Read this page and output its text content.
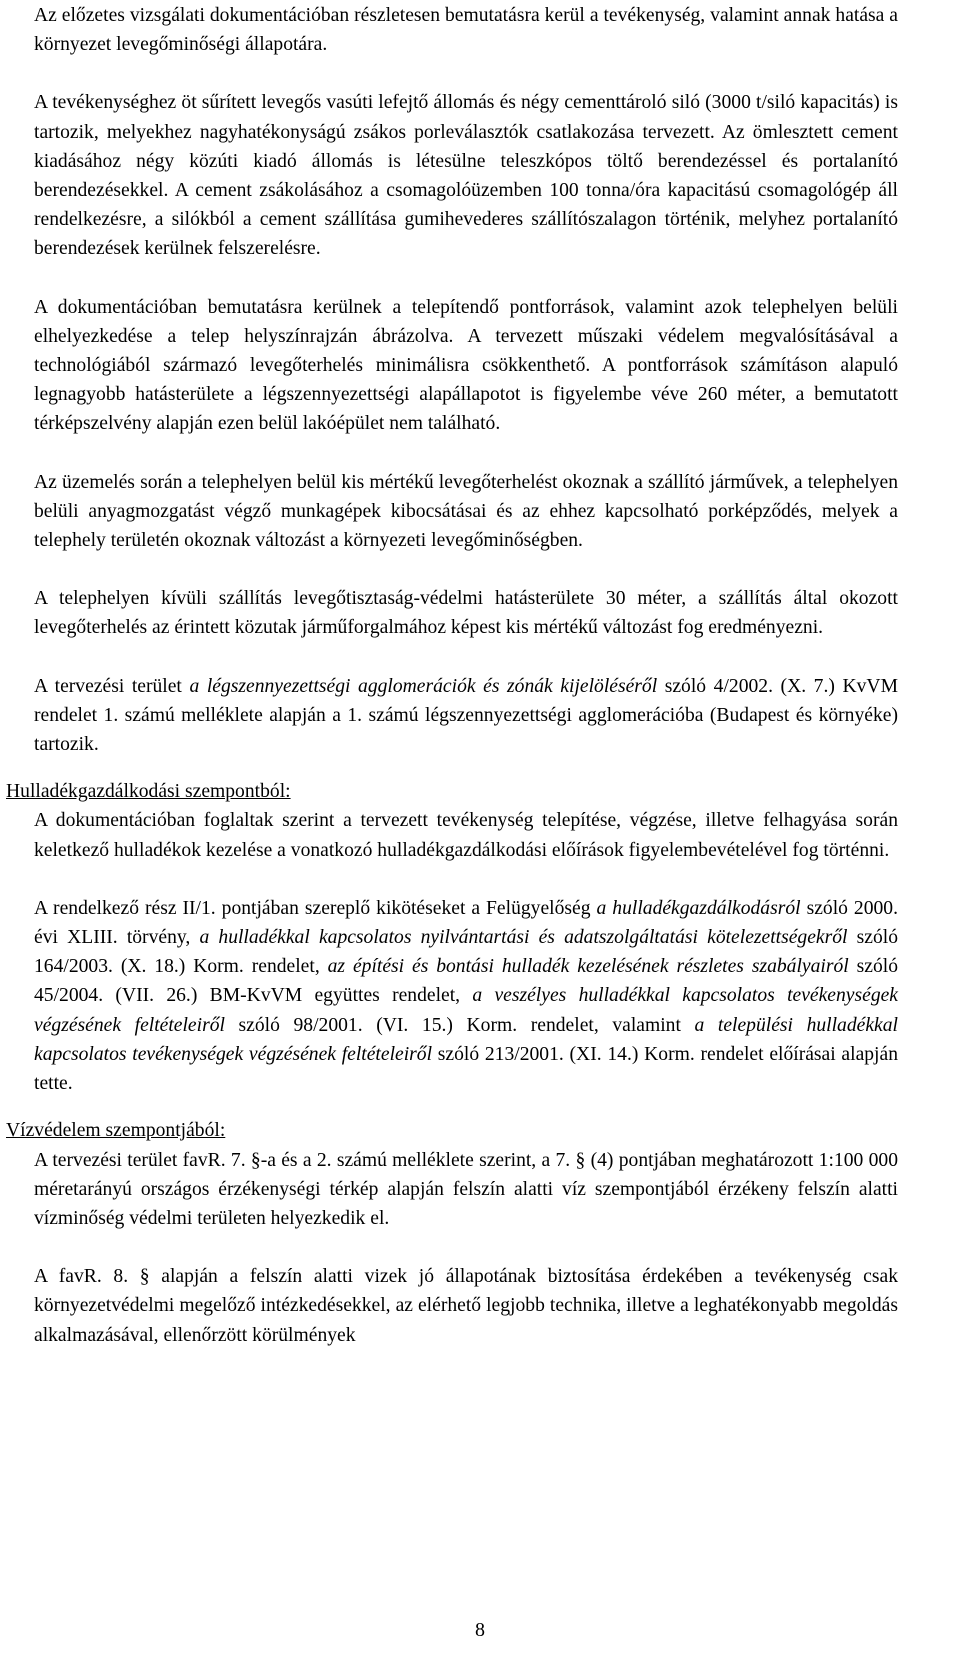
Az előzetes vizsgálati dokumentációban részletesen bemutatásra kerül a tevékenység, valamint annak hatása a környezet levegőminőségi állapotára.

A tevékenységhez öt sűrített levegős vasúti lefejtő állomás és négy cementtároló siló (3000 t/siló kapacitás) is tartozik, melyekhez nagyhatékonyságú zsákos porleválasztók csatlakozása tervezett. Az ömlesztett cement kiadásához négy közúti kiadó állomás is létesülne teleszkópos töltő berendezéssel és portalanító berendezésekkel. A cement zsákolásához a csomagolóüzemben 100 tonna/óra kapacitású csomagológép áll rendelkezésre, a silókból a cement szállítása gumihevederes szállítószalagon történik, melyhez portalanító berendezések kerülnek felszerelésre.

A dokumentációban bemutatásra kerülnek a telepítendő pontforrások, valamint azok telephelyen belüli elhelyezkedése a telep helyszínrajzán ábrázolva. A tervezett műszaki védelem megvalósításával a technológiából származó levegőterhelés minimálisra csökkenthető. A pontforrások számításon alapuló legnagyobb hatásterülete a légszennyezettségi alapállapotot is figyelembe véve 260 méter, a bemutatott térképszelvény alapján ezen belül lakóépület nem található.

Az üzemelés során a telephelyen belül kis mértékű levegőterhelést okoznak a szállító járművek, a telephelyen belüli anyagmozgatást végző munkagépek kibocsátásai és az ehhez kapcsolható porképződés, melyek a telephely területén okoznak változást a környezeti levegőminőségben.

A telephelyen kívüli szállítás levegőtisztaság-védelmi hatásterülete 30 méter, a szállítás által okozott levegőterhelés az érintett közutak járműforgalmához képest kis mértékű változást fog eredményezni.

A tervezési terület a légszennyezettségi agglomerációk és zónák kijelöléséről szóló 4/2002. (X. 7.) KvVM rendelet 1. számú melléklete alapján a 1. számú légszennyezettségi agglomerációba (Budapest és környéke) tartozik.

Hulladékgazdálkodási szempontból:

A dokumentációban foglaltak szerint a tervezett tevékenység telepítése, végzése, illetve felhagyása során keletkező hulladékok kezelése a vonatkozó hulladékgazdálkodási előírások figyelembevételével fog történni.

A rendelkező rész II/1. pontjában szereplő kikötéseket a Felügyelőség a hulladékgazdálkodásról szóló 2000. évi XLIII. törvény, a hulladékkal kapcsolatos nyilvántartási és adatszolgáltatási kötelezettségekről szóló 164/2003. (X. 18.) Korm. rendelet, az építési és bontási hulladék kezelésének részletes szabályairól szóló 45/2004. (VII. 26.) BM-KvVM együttes rendelet, a veszélyes hulladékkal kapcsolatos tevékenységek végzésének feltételeiről szóló 98/2001. (VI. 15.) Korm. rendelet, valamint a települési hulladékkal kapcsolatos tevékenységek végzésének feltételeiről szóló 213/2001. (XI. 14.) Korm. rendelet előírásai alapján tette.

Vízvédelem szempontjából:

A tervezési terület favR. 7. §-a és a 2. számú melléklete szerint, a 7. § (4) pontjában meghatározott 1:100 000 méretarányú országos érzékenységi térkép alapján felszín alatti víz szempontjából érzékeny felszín alatti vízminőség védelmi területen helyezkedik el.

A favR. 8. § alapján a felszín alatti vizek jó állapotának biztosítása érdekében a tevékenység csak környezetvédelmi megelőző intézkedésekkel, az elérhető legjobb technika, illetve a leghatékonyabb megoldás alkalmazásával, ellenőrzött körülmények

8
